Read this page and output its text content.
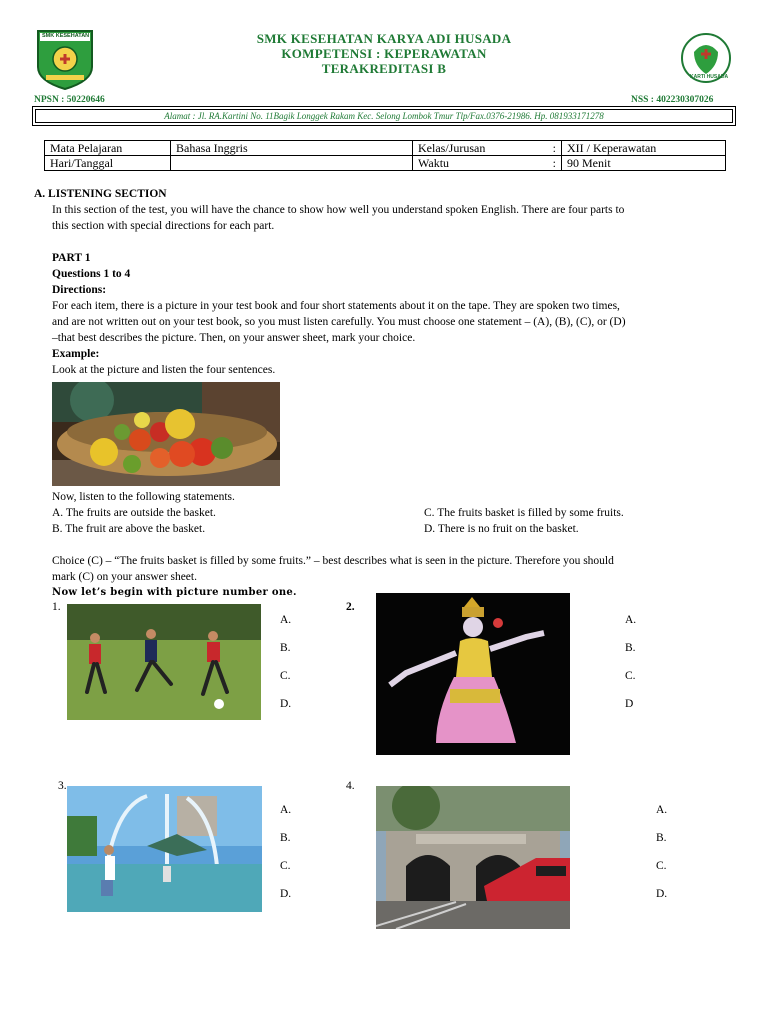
SMK KESEHATAN
KARTI HUSADA
SMK KESEHATAN KARYA ADI HUSADA
KOMPETENSI : KEPERAWATAN
TERAKREDITASI B
NPSN : 50220646	NSS : 402230307026
Alamat : Jl. RA.Kartini No. 11Bagik Longgek Rakam Kec. Selong Lombok Tmur Tlp/Fax.0376-21986. Hp. 081933171278
Mata Pelajaran	Bahasa Inggris	Kelas/Jurusan :	XII / Keperawatan
Hari/Tanggal		Waktu :	90 Menit
A. LISTENING SECTION
In this section of the test, you will have the chance to show how well you understand spoken English. There are four parts to
this section with special directions for each part.
PART 1
Questions 1 to 4
Directions:
For each item, there is a picture in your test book and four short statements about it on the tape. They are spoken two times,
and are not written out on your test book, so you must listen carefully. You must choose one statement – (A), (B), (C), or (D)
–that best describes the picture. Then, on your answer sheet, mark your choice.
Example:
Look at the picture and listen the four sentences.
Now, listen to the following statements.
A. The fruits are outside the basket.
B. The fruit are above the basket.
C. The fruits basket is filled by some fruits.
D. There is no fruit on the basket.
Choice (C) – “The fruits basket is filled by some fruits.” – best describes what is seen in the picture. Therefore you should
mark (C) on your answer sheet.
Now let’s begin with picture number one.
1.
A.
B.
C.
D.
2.
A.
B.
C.
D
3.
A.
B.
C.
D.
4.
A.
B.
C.
D.
